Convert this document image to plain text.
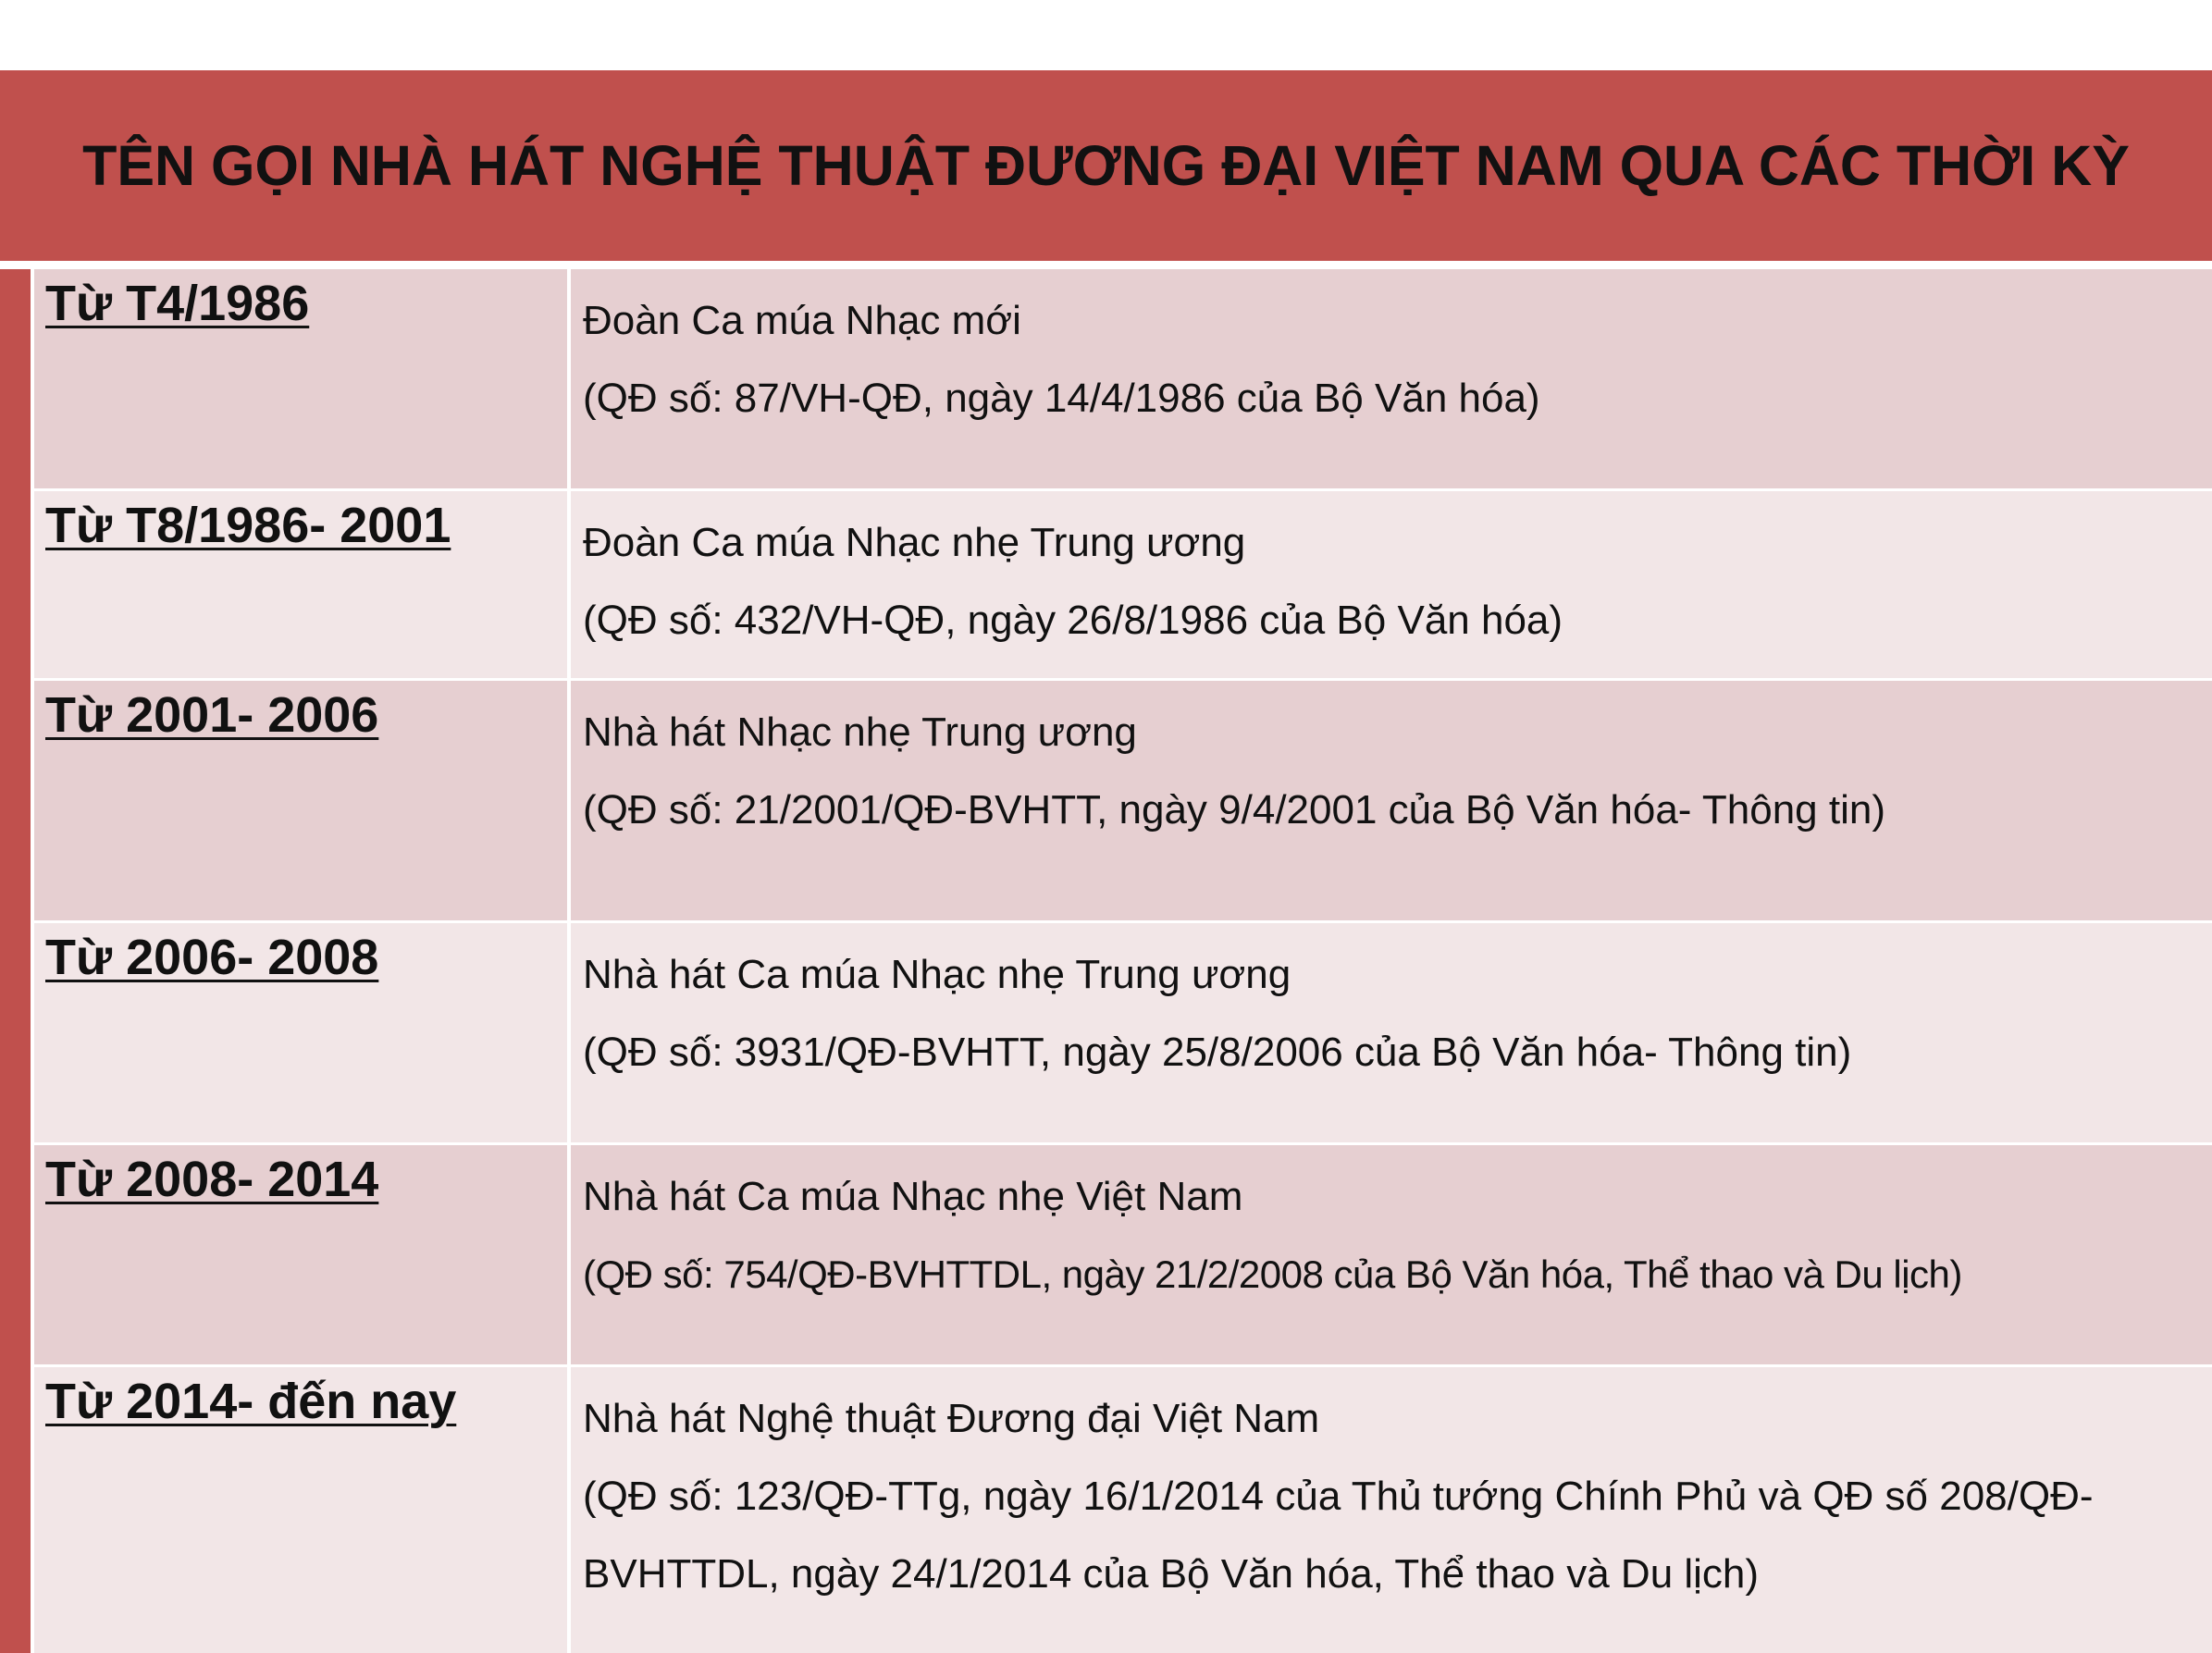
TÊN GỌI NHÀ HÁT NGHỆ THUẬT ĐƯƠNG ĐẠI VIỆT NAM QUA CÁC THỜI KỲ
Từ T4/1986	Đoàn Ca múa Nhạc mới
(QĐ số: 87/VH-QĐ, ngày 14/4/1986 của Bộ Văn hóa)
Từ T8/1986- 2001	Đoàn Ca múa Nhạc nhẹ Trung ương
(QĐ số: 432/VH-QĐ, ngày 26/8/1986 của Bộ Văn hóa)
Từ 2001- 2006	Nhà hát Nhạc nhẹ Trung ương
(QĐ số: 21/2001/QĐ-BVHTT, ngày 9/4/2001 của Bộ Văn hóa- Thông tin)
Từ 2006- 2008	Nhà hát Ca múa Nhạc nhẹ Trung ương
(QĐ số: 3931/QĐ-BVHTT, ngày 25/8/2006 của Bộ Văn hóa- Thông tin)
Từ 2008- 2014	Nhà hát Ca múa Nhạc nhẹ Việt Nam
(QĐ số: 754/QĐ-BVHTTDL, ngày 21/2/2008 của Bộ Văn hóa, Thể thao và Du lịch)
Từ 2014- đến nay	Nhà hát Nghệ thuật Đương đại Việt Nam
(QĐ số: 123/QĐ-TTg, ngày 16/1/2014 của Thủ tướng Chính Phủ và QĐ số 208/QĐ-BVHTTDL, ngày 24/1/2014 của Bộ Văn hóa, Thể thao và Du lịch)
